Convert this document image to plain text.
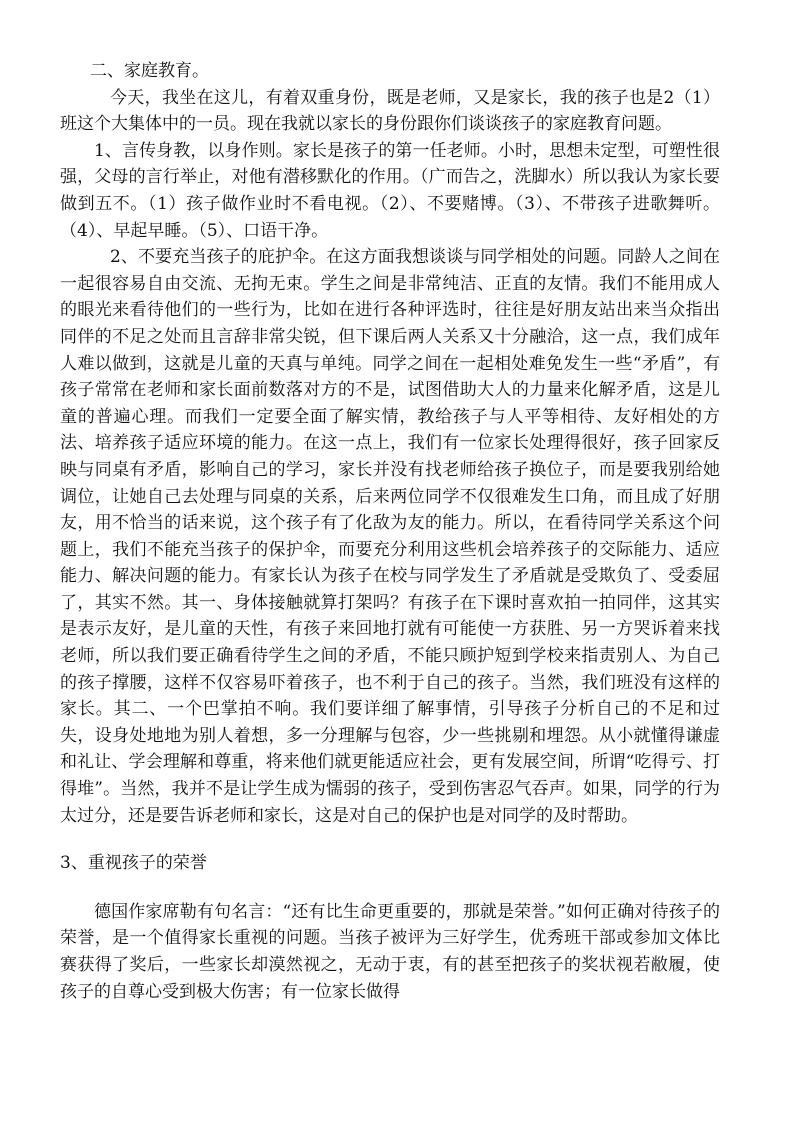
二、家庭教育。

今天，我坐在这儿，有着双重身份，既是老师，又是家长，我的孩子也是2（1）班这个大集体中的一员。现在我就以家长的身份跟你们谈谈孩子的家庭教育问题。

1、言传身教，以身作则。家长是孩子的第一任老师。小时，思想未定型，可塑性很强，父母的言行举止，对他有潜移默化的作用。（广而告之，洗脚水）所以我认为家长要做到五不。（1）孩子做作业时不看电视。（2）、不要赌博。（3）、不带孩子进歌舞听。（4）、早起早睡。（5）、口语干净。

2、不要充当孩子的庇护伞。在这方面我想谈谈与同学相处的问题。同龄人之间在一起很容易自由交流、无拘无束。学生之间是非常纯洁、正直的友情。我们不能用成人的眼光来看待他们的一些行为，比如在进行各种评选时，往往是好朋友站出来当众指出同伴的不足之处而且言辞非常尖锐，但下课后两人关系又十分融洽，这一点，我们成年人难以做到，这就是儿童的天真与单纯。同学之间在一起相处难免发生一些“矛盾”，有孩子常常在老师和家长面前数落对方的不是，试图借助大人的力量来化解矛盾，这是儿童的普遍心理。而我们一定要全面了解实情，教给孩子与人平等相待、友好相处的方法、培养孩子适应环境的能力。在这一点上，我们有一位家长处理得很好，孩子回家反映与同桌有矛盾，影响自己的学习，家长并没有找老师给孩子换位子，而是要我别给她调位，让她自己去处理与同桌的关系，后来两位同学不仅很难发生口角，而且成了好朋友，用不恰当的话来说，这个孩子有了化敌为友的能力。所以，在看待同学关系这个问题上，我们不能充当孩子的保护伞，而要充分利用这些机会培养孩子的交际能力、适应能力、解决问题的能力。有家长认为孩子在校与同学发生了矛盾就是受欺负了、受委屈了，其实不然。其一、身体接触就算打架吗？有孩子在下课时喜欢拍一拍同伴，这其实是表示友好，是儿童的天性，有孩子来回地打就有可能使一方获胜、另一方哭诉着来找老师，所以我们要正确看待学生之间的矛盾，不能只顾护短到学校来指责别人、为自己的孩子撑腰，这样不仅容易吓着孩子，也不利于自己的孩子。当然，我们班没有这样的家长。其二、一个巴掌拍不响。我们要详细了解事情，引导孩子分析自己的不足和过失，设身处地地为别人着想，多一分理解与包容，少一些挑剔和埋怨。从小就懂得谦虚和礼让、学会理解和尊重，将来他们就更能适应社会，更有发展空间，所谓“吃得亏、打得堆”。当然，我并不是让学生成为懦弱的孩子，受到伤害忍气吞声。如果，同学的行为太过分，还是要告诉老师和家长，这是对自己的保护也是对同学的及时帮助。

3、重视孩子的荣誉

德国作家席勒有句名言：“还有比生命更重要的，那就是荣誉。”如何正确对待孩子的荣誉，是一个值得家长重视的问题。当孩子被评为三好学生，优秀班干部或参加文体比赛获得了奖后，一些家长却漠然视之，无动于衷，有的甚至把孩子的奖状视若敝履，使孩子的自尊心受到极大伤害；有一位家长做得
